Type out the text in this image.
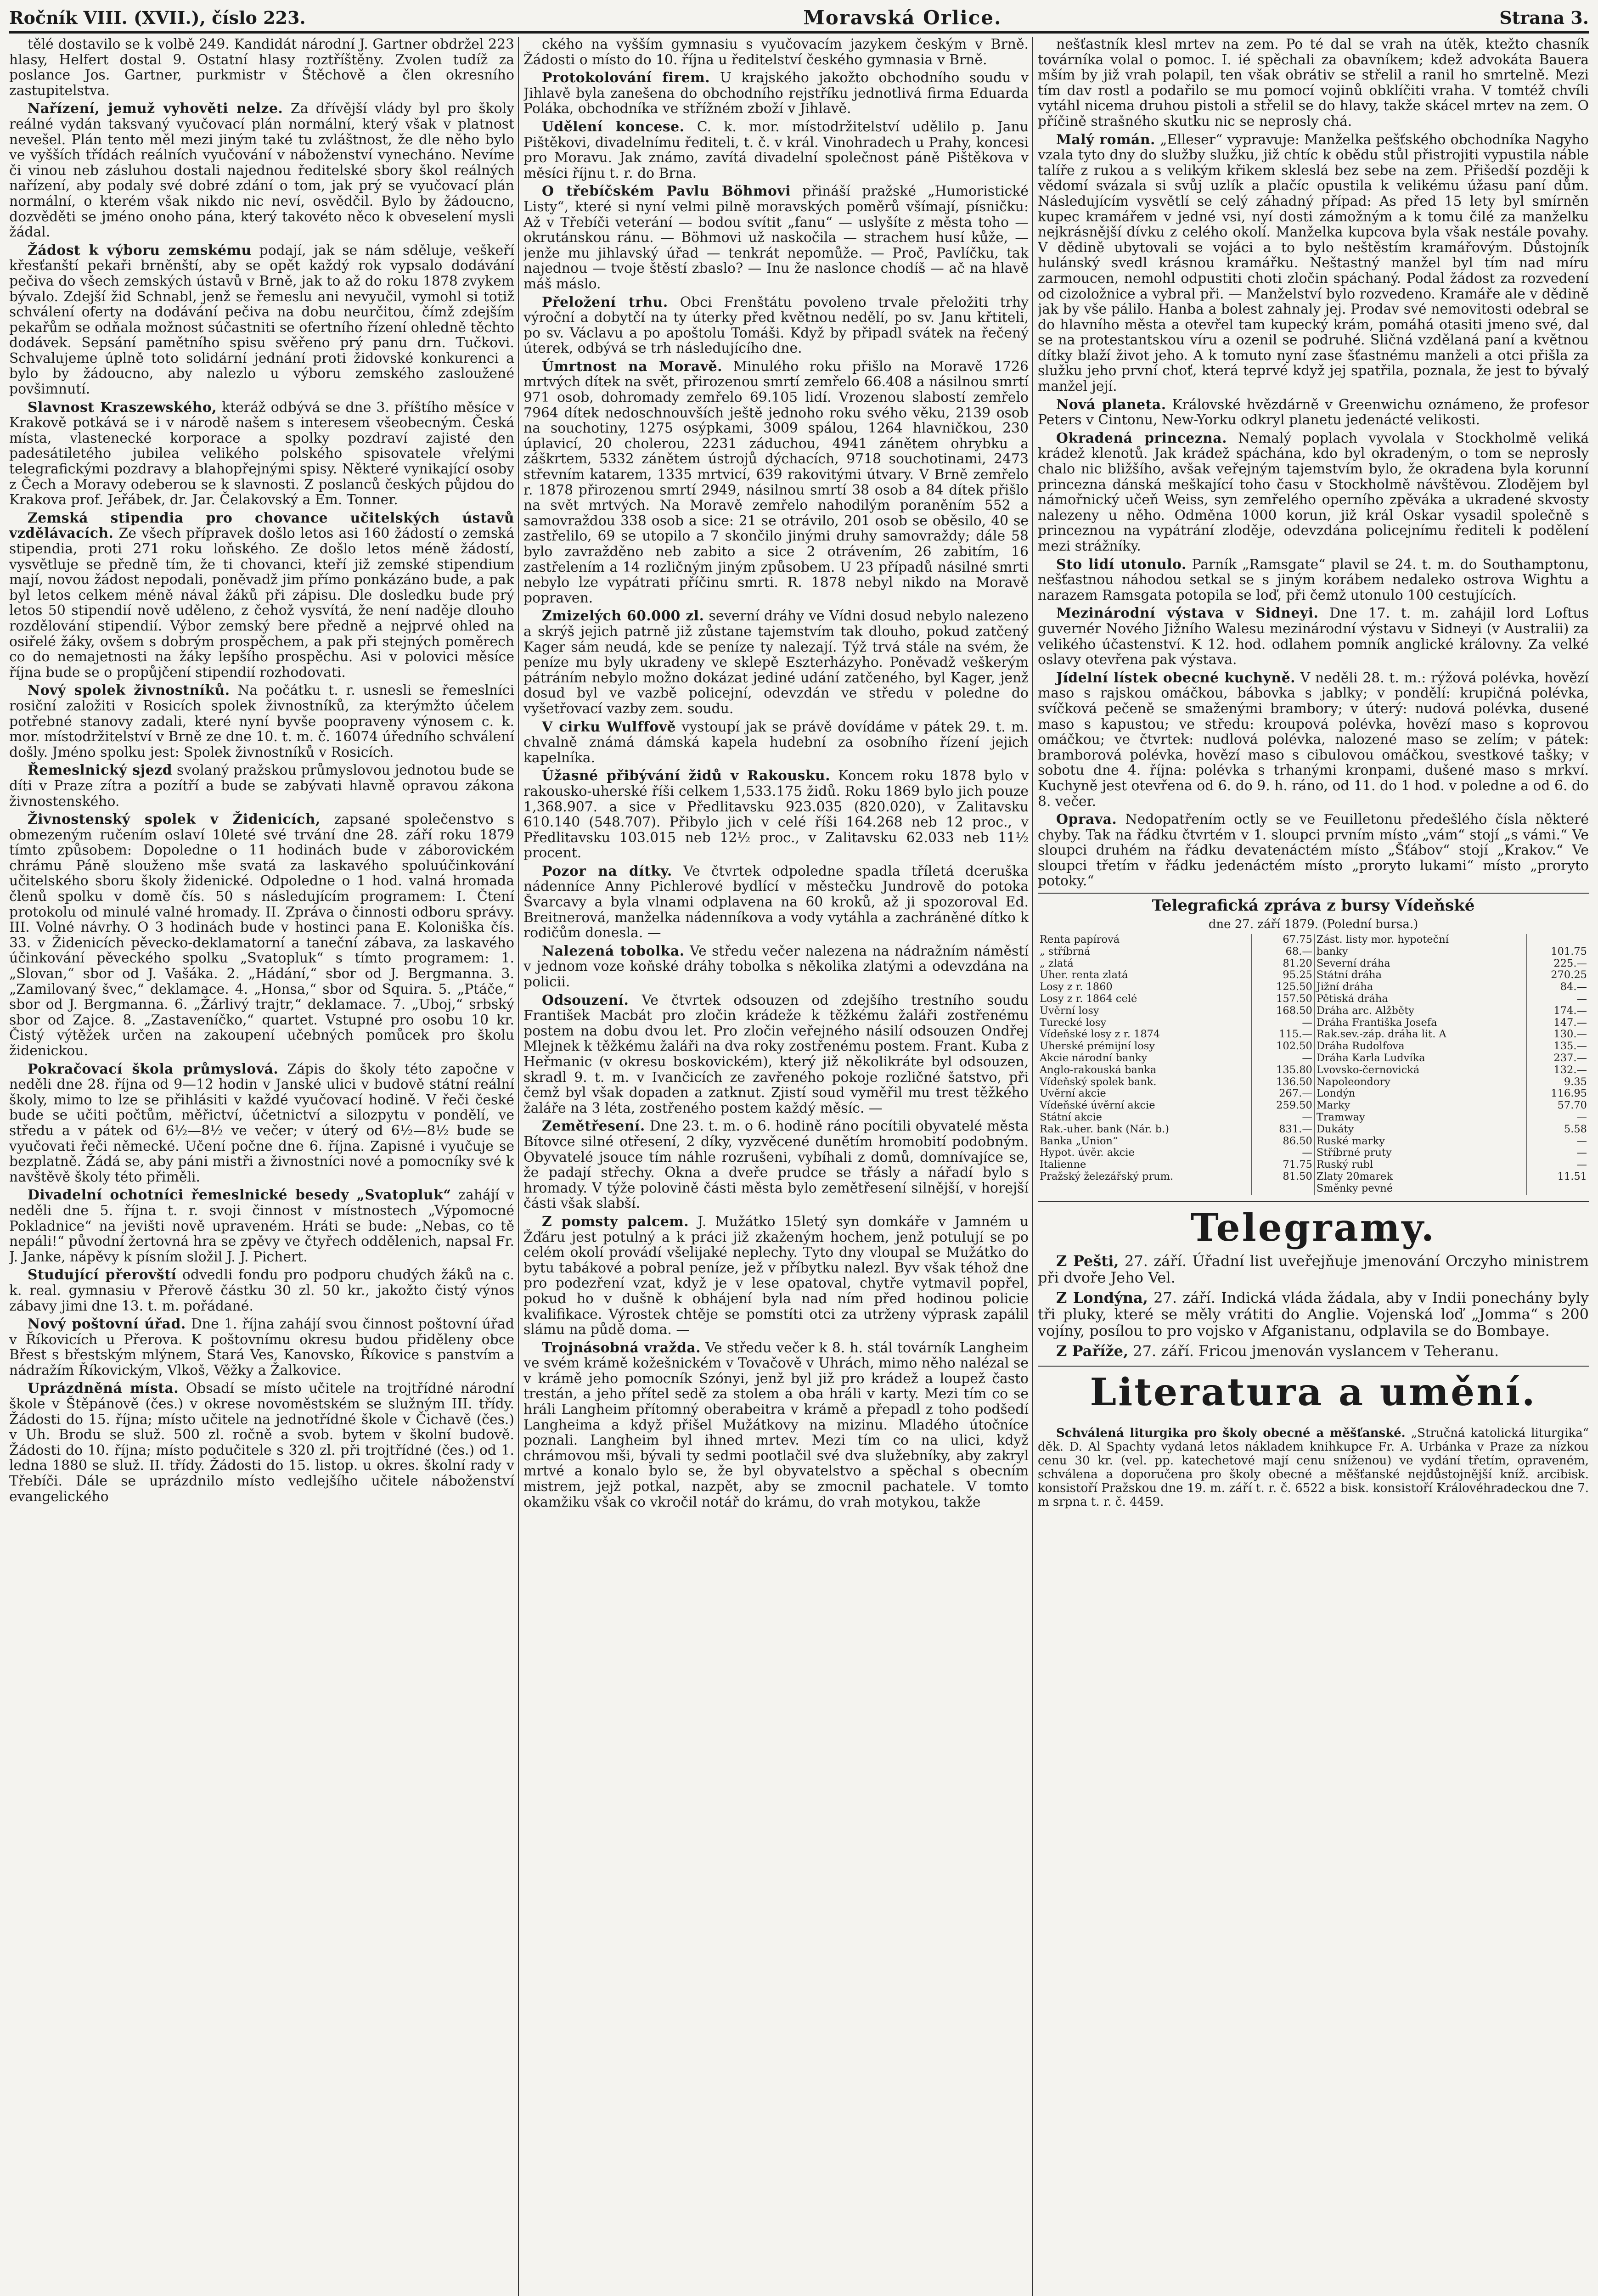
Ročník VIII. (XVII.), číslo 223.	Moravská Orlice.	Strana 3.

tělé dostavilo se k volbě 249. Kandidát národní J. Gartner obdržel 223 hlasy, Helfert dostal 9. Ostatní hlasy roztříštěny. Zvolen tudíž za poslance Jos. Gartner, purkmistr v Štěchově a člen okresního zastupitelstva.

Nařízení, jemuž vyhověti nelze. Za dřívější vlády byl pro školy reálné vydán taksvaný vyučovací plán normální, který však v platnost nevešel. Plán tento měl mezi jiným také tu zvláštnost, že dle něho bylo ve vyšších třídách reálních vyučování v náboženství vynecháno. Nevíme či vinou neb zásluhou dostali najednou ředitelské sbory škol reálných nařízení, aby podaly své dobré zdání o tom, jak prý se vyučovací plán normální, o kterém však nikdo nic neví, osvědčil. Bylo by žádoucno, dozvěděti se jméno onoho pána, který takovéto něco k obveselení mysli žádal.

Žádost k výboru zemskému podají, jak se nám sděluje, veškeří křesťanští pekaři brněnští, aby se opět každý rok vypsalo dodávání pečiva do všech zemských ústavů v Brně, jak to až do roku 1878 zvykem bývalo. Zdejší žid Schnabl, jenž se řemeslu ani nevyučil, vymohl si totiž schválení oferty na dodávání pečiva na dobu neurčitou, čímž zdejším pekařům se odňala možnost súčastniti se ofertního řízení ohledně těchto dodávek. Sepsání pamětního spisu svěřeno prý panu drn. Tučkovi. Schvalujeme úplně toto solidární jednání proti židovské konkurenci a bylo by žádoucno, aby nalezlo u výboru zemského zasloužené povšimnutí.

Slavnost Kraszewského, kteráž odbývá se dne 3. příštího měsíce v Krakově potkává se i v národě našem s interesem všeobecným. Česká místa, vlastenecké korporace a spolky pozdraví zajisté den padesátiletého jubilea velikého polského spisovatele vřelými telegrafickými pozdravy a blahopřejnými spisy. Některé vynikající osoby z Čech a Moravy odeberou se k slavnosti. Z poslanců českých půjdou do Krakova prof. Jeřábek, dr. Jar. Čelakovský a Em. Tonner.

Zemská stipendia pro chovance učitelských ústavů vzdělávacích. Ze všech přípravek došlo letos asi 160 žádostí o zemská stipendia, proti 271 roku loňského. Ze došlo letos méně žádostí, vysvětluje se předně tím, že ti chovanci, kteří již zemské stipendium mají, novou žádost nepodali, poněvadž jim přímo ponkázáno bude, a pak byl letos celkem méně nával žáků při zápisu. Dle dosledku bude prý letos 50 stipendií nově uděleno, z čehož vysvítá, že není naděje dlouho rozdělování stipendií. Výbor zemský bere předně a nejprvé ohled na osiřelé žáky, ovšem s dobrým prospěchem, a pak při stejných poměrech co do nemajetnosti na žáky lepšího prospěchu. Asi v polovici měsíce října bude se o propůjčení stipendií rozhodovati.

Nový spolek živnostníků. Na počátku t. r. usnesli se řemeslníci rosiční založiti v Rosicích spolek živnostníků, za kterýmžto účelem potřebné stanovy zadali, které nyní byvše poopraveny výnosem c. k. mor. místodržitelství v Brně ze dne 10. t. m. č. 16074 úředního schválení došly. Jméno spolku jest: Spolek živnostníků v Rosicích.

Řemeslnický sjezd svolaný pražskou průmyslovou jednotou bude se díti v Praze zítra a pozítří a bude se zabývati hlavně opravou zákona živnostenského.

Živnostenský spolek v Židenicích, zapsané společenstvo s obmezeným ručením oslaví 10leté své trvání dne 28. září roku 1879 tímto způsobem: Dopoledne o 11 hodinách bude v záborovickém chrámu Páně slouženo mše svatá za laskavého spoluúčinkování učitelského sboru školy židenické. Odpoledne o 1 hod. valná hromada členů spolku v domě čís. 50 s následujícím programem: I. Čtení protokolu od minulé valné hromady. II. Zpráva o činnosti odboru správy. III. Volné návrhy. O 3 hodinách bude v hostinci pana E. Koloniška čís. 33. v Židenicích pěvecko-deklamatorní a taneční zábava, za laskavého účinkování pěveckého spolku „Svatopluk“ s tímto programem: 1. „Slovan,“ sbor od J. Vašáka. 2. „Hádání,“ sbor od J. Bergmanna. 3. „Zamilovaný švec,“ deklamace. 4. „Honsa,“ sbor od Squira. 5. „Ptáče,“ sbor od J. Bergmanna. 6. „Žárlivý trajtr,“ deklamace. 7. „Uboj,“ srbský sbor od Zajce. 8. „Zastaveníčko,“ quartet. Vstupné pro osobu 10 kr. Čistý výtěžek určen na zakoupení učebných pomůcek pro školu židenickou.

Pokračovací škola průmyslová. Zápis do školy této započne v neděli dne 28. října od 9—12 hodin v Janské ulici v budově státní reální školy, mimo to lze se přihlásiti v každé vyučovací hodině. V řeči české bude se učiti počtům, měřictví, účetnictví a silozpytu v pondělí, ve středu a v pátek od 6½—8½ ve večer; v úterý od 6½—8½ bude se vyučovati řeči německé. Učení počne dne 6. října. Zapisné i vyučuje se bezplatně. Žádá se, aby páni mistři a živnostníci nové a pomocníky své k navštěvě školy této přiměli.

Divadelní ochotníci řemeslnické besedy „Svatopluk“ zahájí v neděli dne 5. října t. r. svoji činnost v místnostech „Výpomocné Pokladnice“ na jevišti nově upraveném. Hráti se bude: „Nebas, co tě nepáli!“ původní žertovná hra se zpěvy ve čtyřech oddělenich, napsal Fr. J. Janke, nápěvy k písním složil J. J. Pichert.

Studující přerovští odvedli fondu pro podporu chudých žáků na c. k. real. gymnasiu v Přerově částku 30 zl. 50 kr., jakožto čistý výnos zábavy jimi dne 13. t. m. pořádané.

Nový poštovní úřad. Dne 1. října zahájí svou činnost poštovní úřad v Říkovicích u Přerova. K poštovnímu okresu budou přiděleny obce Břest s břestským mlýnem, Stará Ves, Kanovsko, Říkovice s panstvím a nádražím Říkovickým, Vlkoš, Věžky a Žalkovice.

Uprázdněná místa. Obsadí se místo učitele na trojtřídné národní škole v Štěpánově (čes.) v okrese novoměstském se služným III. třídy. Žádosti do 15. října; místo učitele na jednotřídné škole v Čichavě (čes.) v Uh. Brodu se služ. 500 zl. ročně a svob. bytem v školní budově. Žádosti do 10. října; místo podučitele s 320 zl. při trojtřídné (čes.) od 1. ledna 1880 se služ. II. třídy. Žádosti do 15. listop. u okres. školní rady v Třebíči. Dále se uprázdnilo místo vedlejšího učitele náboženství evangelického

ckého na vyšším gymnasiu s vyučovacím jazykem českým v Brně. Žádosti o místo do 10. října u ředitelství českého gymnasia v Brně.

Protokolování firem. U krajského jakožto obchodního soudu v Jihlavě byla zanešena do obchodního rejstříku jednotlivá firma Eduarda Poláka, obchodníka ve střížném zboží v Jihlavě.

Udělení koncese. C. k. mor. místodržitelství udělilo p. Janu Pištěkovi, divadelnímu řediteli, t. č. v král. Vinohradech u Prahy, koncesi pro Moravu. Jak známo, zavítá divadelní společnost páně Pištěkova v měsíci říjnu t. r. do Brna.

O třebíčském Pavlu Böhmovi přináší pražské „Humoristické Listy“, které si nyní velmi pilně moravských poměrů všímají, písničku: Až v Třebíči veterání — bodou svítit „fanu“ — uslyšíte z města toho — okrutánskou ránu. — Böhmovi už naskočila — strachem husí kůže, — jenže mu jihlavský úřad — tenkrát nepomůže. — Proč, Pavlíčku, tak najednou — tvoje štěstí zbaslo? — Inu že naslonce chodíš — ač na hlavě máš máslo.

Přeložení trhu. Obci Frenštátu povoleno trvale přeložiti trhy výroční a dobytčí na ty úterky před květnou nedělí, po sv. Janu křtiteli, po sv. Václavu a po apoštolu Tomáši. Když by připadl svátek na řečený úterek, odbývá se trh následujícího dne.

Úmrtnost na Moravě. Minulého roku přišlo na Moravě 1726 mrtvých dítek na svět, přirozenou smrtí zemřelo 66.408 a násilnou smrtí 971 osob, dohromady zemřelo 69.105 lidí. Vrozenou slabostí zemřelo 7964 dítek nedoschnouvších ještě jednoho roku svého věku, 2139 osob na souchotiny, 1275 osýpkami, 3009 spálou, 1264 hlavničkou, 230 úplavicí, 20 cholerou, 2231 záduchou, 4941 zánětem ohrybku a záškrtem, 5332 zánětem ústrojů dýchacích, 9718 souchotinami, 2473 střevním katarem, 1335 mrtvicí, 639 rakovitými útvary. V Brně zemřelo r. 1878 přirozenou smrtí 2949, násilnou smrtí 38 osob a 84 dítek přišlo na svět mrtvých. Na Moravě zemřelo nahodilým poraněním 552 a samovraždou 338 osob a sice: 21 se otrávilo, 201 osob se oběsilo, 40 se zastřelilo, 69 se utopilo a 7 skončilo jinými druhy samovraždy; dále 58 bylo zavražděno neb zabito a sice 2 otrávením, 26 zabitím, 16 zastřelením a 14 rozličným jiným způsobem. U 23 případů násilné smrti nebylo lze vypátrati příčinu smrti. R. 1878 nebyl nikdo na Moravě popraven.

Zmizelých 60.000 zl. severní dráhy ve Vídni dosud nebylo nalezeno a skrýš jejich patrně již zůstane tajemstvím tak dlouho, pokud zatčený Kager sám neudá, kde se peníze ty nalezají. Týž trvá stále na svém, že peníze mu byly ukradeny ve sklepě Eszterházyho. Poněvadž veškerým pátráním nebylo možno dokázat jediné udání zatčeného, byl Kager, jenž dosud byl ve vazbě policejní, odevzdán ve středu v poledne do vyšetřovací vazby zem. soudu.

V cirku Wulffově vystoupí jak se právě dovídáme v pátek 29. t. m. chvalně známá dámská kapela hudební za osobního řízení jejich kapelníka.

Úžasné přibývání židů v Rakousku. Koncem roku 1878 bylo v rakousko-uherské říši celkem 1,533.175 židů. Roku 1869 bylo jich pouze 1,368.907. a sice v Předlitavsku 923.035 (820.020), v Zalitavsku 610.140 (548.707). Přibylo jich v celé říši 164.268 neb 12 proc., v Předlitavsku 103.015 neb 12½ proc., v Zalitavsku 62.033 neb 11½ procent.

Pozor na dítky. Ve čtvrtek odpoledne spadla tříletá dceruška nádenníce Anny Pichlerové bydlící v městečku Jundrově do potoka Švarcavy a byla vlnami odplavena na 60 kroků, až ji spozoroval Ed. Breitnerová, manželka nádenníkova a vody vytáhla a zachráněné dítko k rodičům donesla. —

Nalezená tobolka. Ve středu večer nalezena na nádražním náměstí v jednom voze koňské dráhy tobolka s několika zlatými a odevzdána na policii.

Odsouzení. Ve čtvrtek odsouzen od zdejšího trestního soudu František Macbát pro zločin krádeže k těžkému žaláři zostřenému postem na dobu dvou let. Pro zločin veřejného násilí odsouzen Ondřej Mlejnek k těžkému žaláři na dva roky zostřenému postem. Frant. Kuba z Heřmanic (v okresu boskovickém), který již několikráte byl odsouzen, skradl 9. t. m. v Ivančicích ze zavřeného pokoje rozličné šatstvo, při čemž byl však dopaden a zatknut. Zjistí soud vyměřil mu trest těžkého žaláře na 3 léta, zostřeného postem každý měsíc. —

Zemětřesení. Dne 23. t. m. o 6. hodině ráno pocítili obyvatelé města Bítovce silné otřesení, 2 díky, vyzvěcené dunětím hromobití podobným. Obyvatelé jsouce tím náhle rozrušeni, vybíhali z domů, domnívajíce se, že padají střechy. Okna a dveře prudce se třásly a nářadí bylo s hromady. V týže polovině části města bylo zemětřesení silnější, v horejší části však slabší.

Z pomsty palcem. J. Mužátko 15letý syn domkáře v Jamném u Žďáru jest potulný a k práci již zkaženým hochem, jenž potulují se po celém okolí provádí všelijaké neplechy. Tyto dny vloupal se Mužátko do bytu tabákové a pobral peníze, jež v příbytku nalezl. Byv však téhož dne pro podezření vzat, když je v lese opatoval, chytře vytmavil popřel, pokud ho v dušně k obhájení byla nad ním před hodinou policie kvalifikace. Výrostek chtěje se pomstíti otci za utrženy výprask zapálil slámu na půdě doma. —

Trojnásobná vražda. Ve středu večer k 8. h. stál továrník Langheim ve svém krámě kožešnickém v Tovačově v Uhrách, mimo něho nalézal se v krámě jeho pomocník Szónyi, jenž byl již pro krádež a loupež často trestán, a jeho přítel sedě za stolem a oba hráli v karty. Mezi tím co se hráli Langheim přítomný oberabeitra v krámě a přepadl z toho podšedí Langheima a když přišel Mužátkovy na mizinu. Mladého útočníce poznali. Langheim byl ihned mrtev. Mezi tím co na ulici, když chrámovou mši, bývali ty sedmi pootlačil své dva služebníky, aby zakryl mrtvé a konalo bylo se, že byl obyvatelstvo a spěchal s obecním mistrem, jejž potkal, nazpět, aby se zmocnil pachatele. V tomto okamžiku však co vkročil notář do krámu, do vrah motykou, takže

nešťastník klesl mrtev na zem. Po té dal se vrah na útěk, ktežto chasník továrníka volal o pomoc. I. ié spěchali za obavníkem; kdež advokáta Bauera mším by již vrah polapil, ten však obrátiv se střelil a ranil ho smrtelně. Mezi tím dav rostl a podařilo se mu pomocí vojinů obklíčiti vraha. V tomtéž chvíli vytáhl nicema druhou pistoli a střelil se do hlavy, takže skácel mrtev na zem. O příčině strašného skutku nic se neprosly chá.

Malý román. „Elleser“ vypravuje: Manželka pešťského obchodníka Nagyho vzala tyto dny do služby služku, již chtíc k obědu stůl přistrojiti vypustila náble talíře z rukou a s velikým křikem skleslá bez sebe na zem. Přišedší později k vědomí svázala si svůj uzlík a plačíc opustila k velikému úžasu paní dům. Následujícím vysvětlí se celý záhadný případ: As před 15 lety byl smírněn kupec kramářem v jedné vsi, nyí dosti zámožným a k tomu čilé za manželku nejkrásnější dívku z celého okolí. Manželka kupcova byla však nestále povahy. V dědině ubytovali se vojáci a to bylo neštěstím kramářovým. Důstojník hulánský svedl krásnou kramářku. Neštastný manžel byl tím nad míru zarmoucen, nemohl odpustiti choti zločin spáchaný. Podal žádost za rozvedení od cizoložnice a vybral při. — Manželství bylo rozvedeno. Kramáře ale v dědině jak by vše pálilo. Hanba a bolest zahnaly jej. Prodav své nemovitosti odebral se do hlavního města a otevřel tam kupecký krám, pomáhá otasiti jmeno své, dal se na protestantskou víru a ozenil se podruhé. Sličná vzdělaná paní a květnou dítky blaží život jeho. A k tomuto nyní zase šťastnému manželi a otci přišla za služku jeho první choť, která teprvé když jej spatřila, poznala, že jest to bývalý manžel její.

Nová planeta. Královské hvězdárně v Greenwichu oznámeno, že profesor Peters v Cintonu, New-Yorku odkryl planetu jedenácté velikosti.

Okradená princezna. Nemalý poplach vyvolala v Stockholmě veliká krádež klenotů. Jak krádež spáchána, kdo byl okradeným, o tom se neprosly chalo nic bližšího, avšak veřejným tajemstvím bylo, že okradena byla korunní princezna dánská meškající toho času v Stockholmě návštěvou. Zlodějem byl námořnický učeň Weiss, syn zemřelého operního zpěváka a ukradené skvosty nalezeny u něho. Odměna 1000 korun, již král Oskar vysadil společně s princeznou na vypátrání zloděje, odevzdána policejnímu řediteli k podělení mezi strážníky.

Sto lidí utonulo. Parník „Ramsgate“ plavil se 24. t. m. do Southamptonu, nešťastnou náhodou setkal se s jiným korábem nedaleko ostrova Wightu a narazem Ramsgata potopila se loď, při čemž utonulo 100 cestujících.

Mezinárodní výstava v Sidneyi. Dne 17. t. m. zahájil lord Loftus guvernér Nového Jižního Walesu mezinárodní výstavu v Sidneyi (v Australii) za velikého účastenství. K 12. hod. odlahem pomník anglické královny. Za velké oslavy otevřena pak výstava.

Jídelní lístek obecné kuchyně. V neděli 28. t. m.: rýžová polévka, hovězí maso s rajskou omáčkou, bábovka s jablky; v pondělí: krupičná polévka, svíčková pečeně se smaženými brambory; v úterý: nudová polévka, dusené maso s kapustou; ve středu: kroupová polévka, hovězí maso s koprovou omáčkou; ve čtvrtek: nudlová polévka, nalozené maso se zelím; v pátek: bramborová polévka, hovězí maso s cibulovou omáčkou, svestkové tašky; v sobotu dne 4. října: polévka s trhanými kronpami, dušené maso s mrkví. Kuchyně jest otevřena od 6. do 9. h. ráno, od 11. do 1 hod. v poledne a od 6. do 8. večer.

Oprava. Nedopatřením octly se ve Feuilletonu předešlého čísla některé chyby. Tak na řádku čtvrtém v 1. sloupci prvním místo „vám“ stojí „s vámi.“ Ve sloupci druhém na řádku devatenáctém místo „Šťábov“ stojí „Krakov.“ Ve sloupci třetím v řádku jedenáctém místo „proryto lukami“ místo „proryto potoky.“

Telegrafická zpráva z bursy Vídeňské
dne 27. září 1879. (Polední bursa.)
Renta papírová	67.75	Zást. listy mor. hypoteční	
„ stříbrná	68.—	banky	101.75
„ zlatá	81.20	Severní dráha	225.—
Uher. renta zlatá	95.25	Státní dráha	270.25
Losy z r. 1860	125.50	Jižní dráha	84.—
Losy z r. 1864 celé	157.50	Pětiská dráha	—
Úvěrní losy	168.50	Dráha arc. Alžběty	174.—
Turecké losy	—	Dráha Františka Josefa	147.—
Vídeňské losy z r. 1874	115.—	Rak.sev.-záp. dráha lit. A	130.—
Uherské prémijní losy	102.50	Dráha Rudolfova	135.—
Akcie národní banky	—	Dráha Karla Ludvíka	237.—
Anglo-rakouská banka	135.80	Lvovsko-černovická	132.—
Vídeňský spolek bank.	136.50	Napoleondory	9.35
Úvěrní akcie	267.—	Londýn	116.95
Vídeňské úvěrní akcie	259.50	Marky	57.70
Státní akcie	—	Tramway	—
Rak.-uher. bank (Nár. b.)	831.—	Dukáty	5.58
Banka „Union“	86.50	Ruské marky	—
Hypot. úvěr. akcie	—	Stříbrné pruty	—
Italienne	71.75	Ruský rubl	—
Pražský železářský prum.	81.50	Zlaty 20marek	11.51
		Směnky pevné	
Telegramy.

Z Pešti, 27. září. Úřadní list uveřejňuje jmenování Orczyho ministrem při dvoře Jeho Vel.

Z Londýna, 27. září. Indická vláda žádala, aby v Indii ponechány byly tři pluky, které se měly vrátiti do Anglie. Vojenská loď „Jomma“ s 200 vojíny, posílou to pro vojsko v Afganistanu, odplavila se do Bombaye.

Z Paříže, 27. září. Fricou jmenován vyslancem v Teheranu.

Literatura a umění.

Schválená liturgika pro školy obecné a měšťanské. „Stručná katolická liturgika“ děk. D. Al Spachty vydaná letos nákladem knihkupce Fr. A. Urbánka v Praze za nízkou cenu 30 kr. (vel. pp. katechetové mají cenu sníženou) ve vydání třetím, opraveném, schválena a doporučena pro školy obecné a měšťanské nejdůstojnější kníž. arcibisk. konsistoří Pražskou dne 19. m. září t. r. č. 6522 a bisk. konsistoří Královéhradeckou dne 7. m srpna t. r. č. 4459.
